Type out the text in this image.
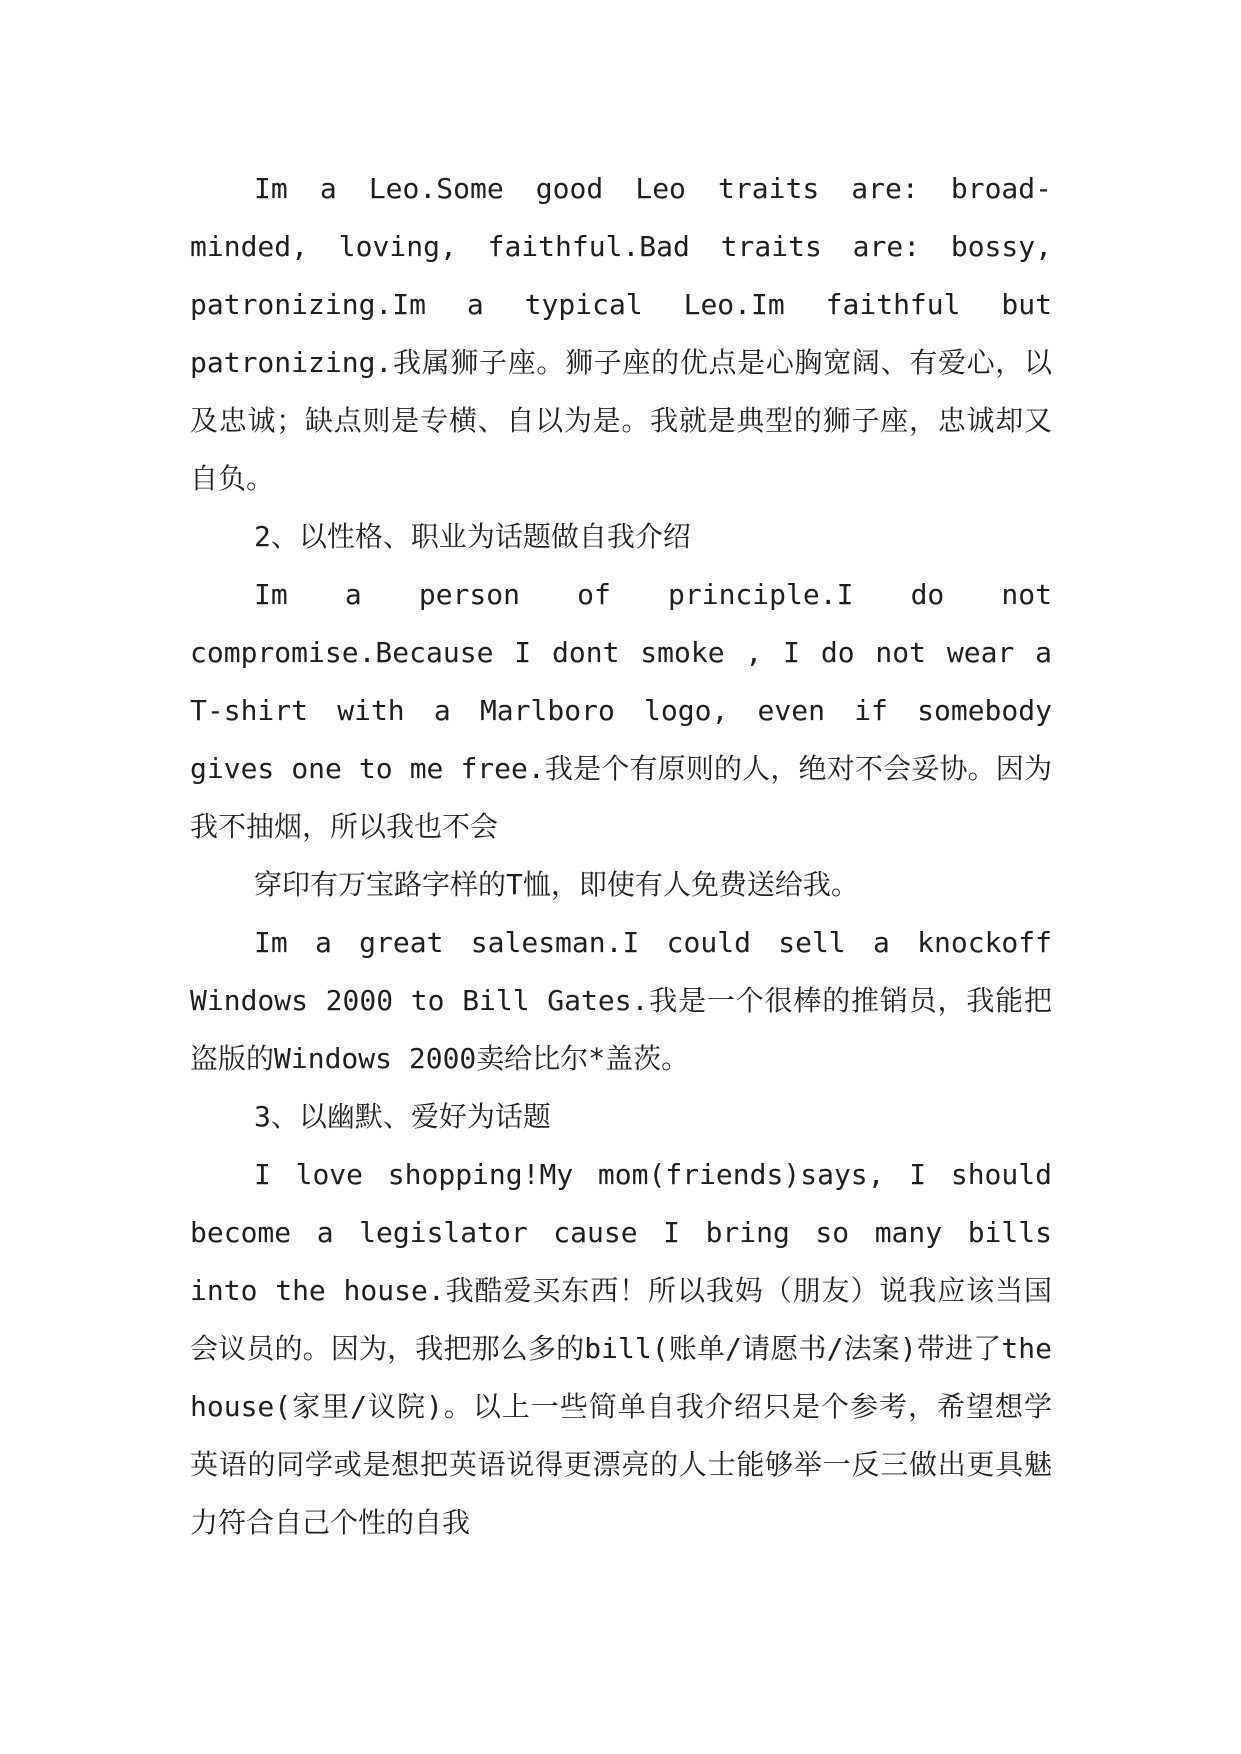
Im a Leo.Some good Leo traits are: broad-minded, loving, faithful.Bad traits are: bossy, patronizing.Im a typical Leo.Im faithful but patronizing.我属狮子座。狮子座的优点是心胸宽阔、有爱心，以及忠诚；缺点则是专横、自以为是。我就是典型的狮子座，忠诚却又自负。

2、以性格、职业为话题做自我介绍

Im a person of principle.I do not compromise.Because I dont smoke , I do not wear a T-shirt with a Marlboro logo, even if somebody gives one to me free.我是个有原则的人，绝对不会妥协。因为我不抽烟，所以我也不会

穿印有万宝路字样的T恤，即使有人免费送给我。

Im a great salesman.I could sell a knockoff Windows 2000 to Bill Gates.我是一个很棒的推销员，我能把盗版的Windows 2000卖给比尔*盖茨。

3、以幽默、爱好为话题

I love shopping!My mom(friends)says, I should become a legislator cause I bring so many bills into the house.我酷爱买东西！所以我妈（朋友）说我应该当国会议员的。因为，我把那么多的bill(账单/请愿书/法案)带进了the house(家里/议院)。以上一些简单自我介绍只是个参考，希望想学英语的同学或是想把英语说得更漂亮的人士能够举一反三做出更具魅力符合自己个性的自我
